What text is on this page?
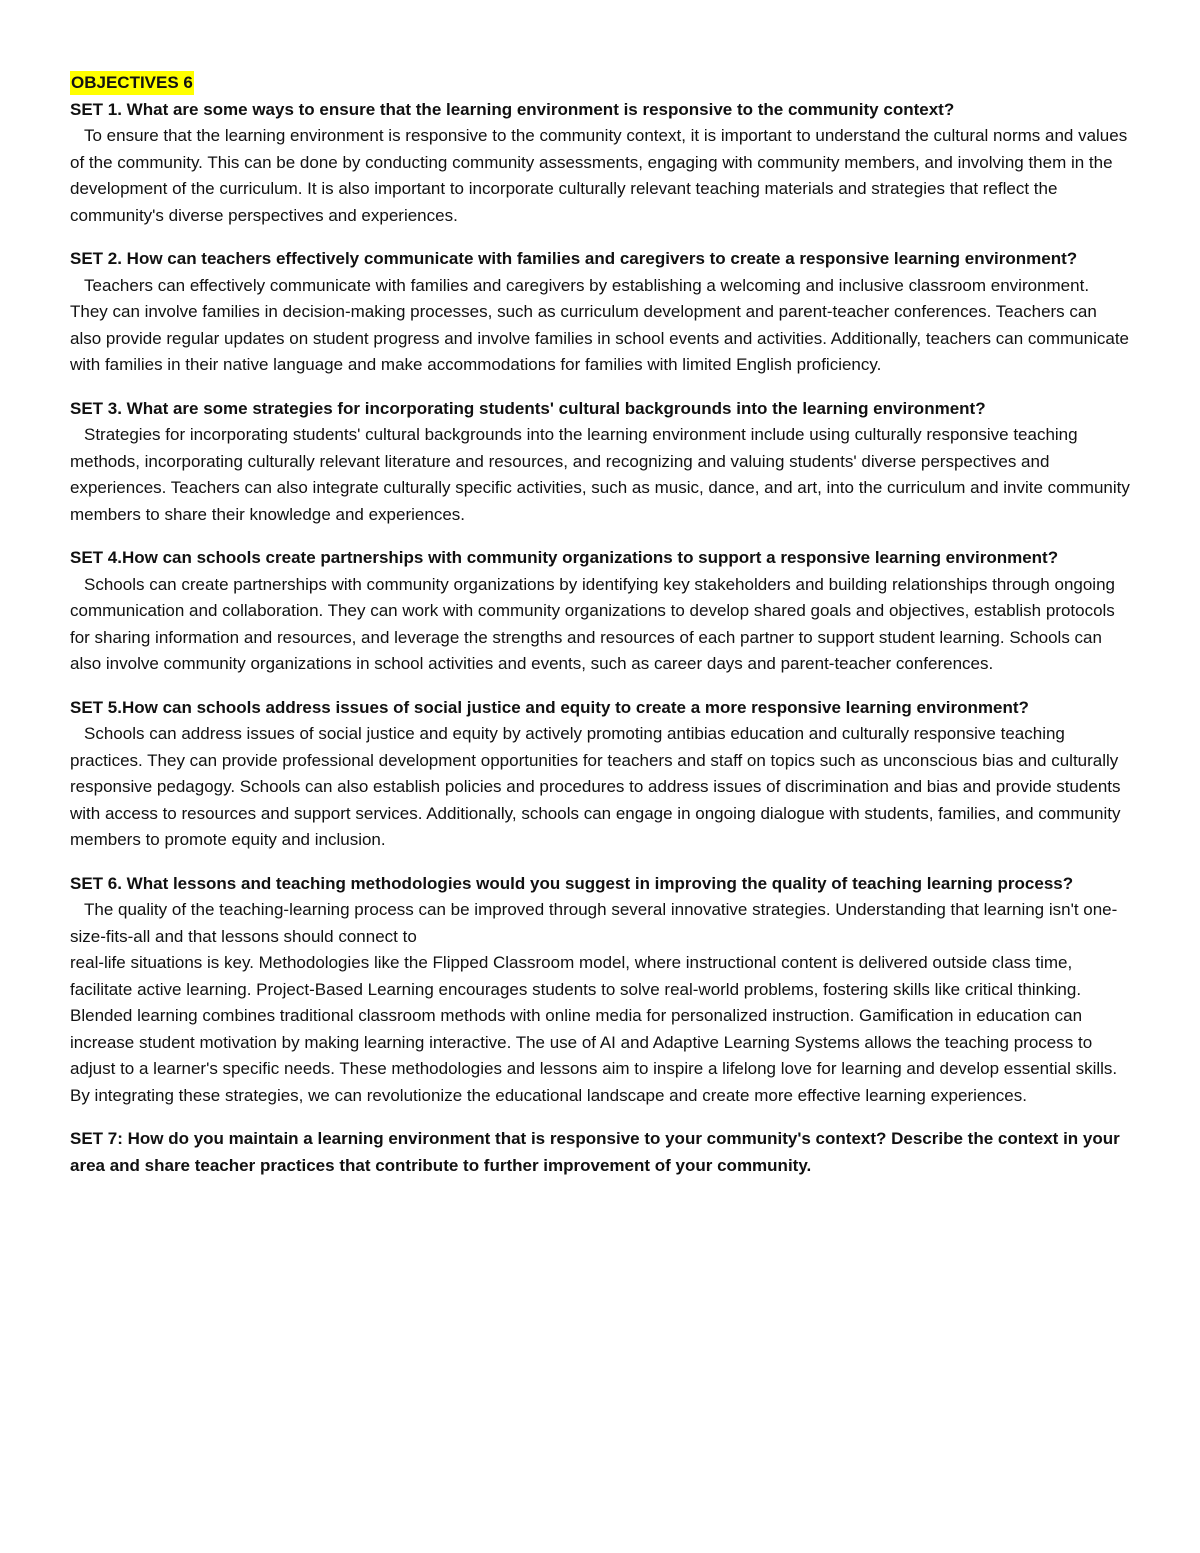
OBJECTIVES 6

SET 1. What are some ways to ensure that the learning environment is responsive to the community context?

To ensure that the learning environment is responsive to the community context, it is important to understand the cultural norms and values of the community. This can be done by conducting community assessments, engaging with community members, and involving them in the development of the curriculum. It is also important to incorporate culturally relevant teaching materials and strategies that reflect the community's diverse perspectives and experiences.

SET 2. How can teachers effectively communicate with families and caregivers to create a responsive learning environment?

Teachers can effectively communicate with families and caregivers by establishing a welcoming and inclusive classroom environment. They can involve families in decision-making processes, such as curriculum development and parent-teacher conferences. Teachers can also provide regular updates on student progress and involve families in school events and activities. Additionally, teachers can communicate with families in their native language and make accommodations for families with limited English proficiency.

SET 3. What are some strategies for incorporating students' cultural backgrounds into the learning environment?

Strategies for incorporating students' cultural backgrounds into the learning environment include using culturally responsive teaching methods, incorporating culturally relevant literature and resources, and recognizing and valuing students' diverse perspectives and experiences. Teachers can also integrate culturally specific activities, such as music, dance, and art, into the curriculum and invite community members to share their knowledge and experiences.

SET 4.How can schools create partnerships with community organizations to support a responsive learning environment?

Schools can create partnerships with community organizations by identifying key stakeholders and building relationships through ongoing communication and collaboration. They can work with community organizations to develop shared goals and objectives, establish protocols for sharing information and resources, and leverage the strengths and resources of each partner to support student learning. Schools can also involve community organizations in school activities and events, such as career days and parent-teacher conferences.

SET 5.How can schools address issues of social justice and equity to create a more responsive learning environment?

Schools can address issues of social justice and equity by actively promoting antibias education and culturally responsive teaching practices. They can provide professional development opportunities for teachers and staff on topics such as unconscious bias and culturally responsive pedagogy. Schools can also establish policies and procedures to address issues of discrimination and bias and provide students with access to resources and support services. Additionally, schools can engage in ongoing dialogue with students, families, and community members to promote equity and inclusion.

SET 6. What lessons and teaching methodologies would you suggest in improving the quality of teaching learning process?

The quality of the teaching-learning process can be improved through several innovative strategies. Understanding that learning isn't one-size-fits-all and that lessons should connect to
real-life situations is key. Methodologies like the Flipped Classroom model, where instructional content is delivered outside class time, facilitate active learning. Project-Based Learning encourages students to solve real-world problems, fostering skills like critical thinking. Blended learning combines traditional classroom methods with online media for personalized instruction. Gamification in education can increase student motivation by making learning interactive. The use of AI and Adaptive Learning Systems allows the teaching process to adjust to a learner's specific needs. These methodologies and lessons aim to inspire a lifelong love for learning and develop essential skills. By integrating these strategies, we can revolutionize the educational landscape and create more effective learning experiences.

SET 7: How do you maintain a learning environment that is responsive to your community's context? Describe the context in your area and share teacher practices that contribute to further improvement of your community.
